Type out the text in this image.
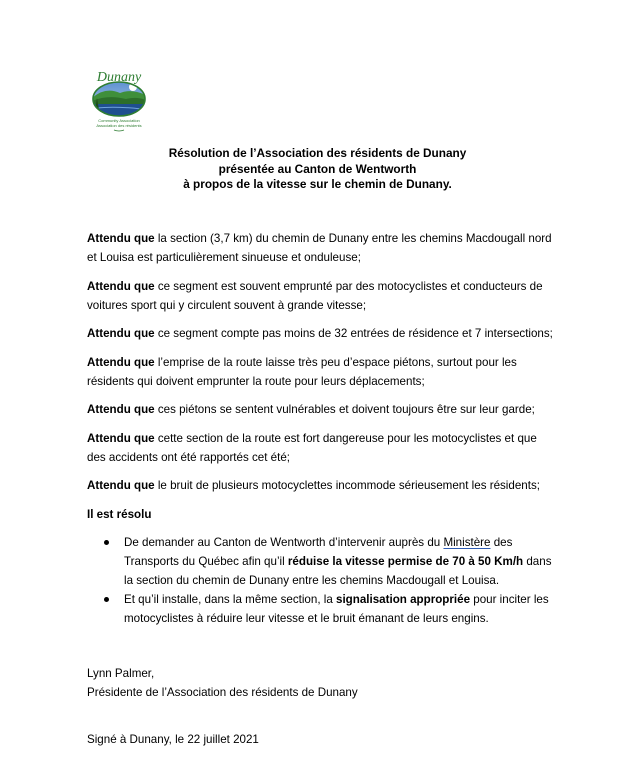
Dunany
Community Association
Association des résidents
Résolution de l’Association des résidents de Dunany
présentée au Canton de Wentworth
à propos de la vitesse sur le chemin de Dunany.

Attendu que la section (3,7 km) du chemin de Dunany entre les chemins Macdougall nord et Louisa est particulièrement sinueuse et onduleuse;

Attendu que ce segment est souvent emprunté par des motocyclistes et conducteurs de voitures sport qui y circulent souvent à grande vitesse;

Attendu que ce segment compte pas moins de 32 entrées de résidence et 7 intersections;

Attendu que l’emprise de la route laisse très peu d’espace piétons, surtout pour les résidents qui doivent emprunter la route pour leurs déplacements;

Attendu que ces piétons se sentent vulnérables et doivent toujours être sur leur garde;

Attendu que cette section de la route est fort dangereuse pour les motocyclistes et que des accidents ont été rapportés cet été;

Attendu que le bruit de plusieurs motocyclettes incommode sérieusement les résidents;

Il est résolu

De demander au Canton de Wentworth d’intervenir auprès du Ministère des Transports du Québec afin qu’il réduise la vitesse permise de 70 à 50 Km/h dans la section du chemin de Dunany entre les chemins Macdougall et Louisa.
Et qu’il installe, dans la même section, la signalisation appropriée pour inciter les motocyclistes à réduire leur vitesse et le bruit émanant de leurs engins.
Lynn Palmer,
Présidente de l’Association des résidents de Dunany
Signé à Dunany, le 22 juillet 2021
